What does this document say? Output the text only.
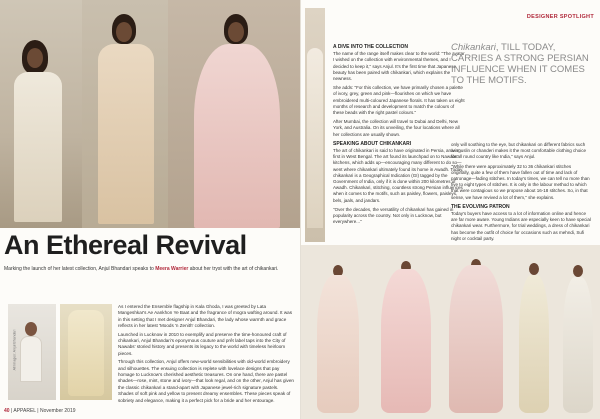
An Ethereal Revival
Marking the launch of her latest collection, Anjul Bhandari speaks to Meera Warrier about her tryst with the art of chikankari.
All Images: Anjul Bhandari

As I entered the Ensemble flagship in Kala Ghoda, I was greeted by Lata Mangeshkar's Ae Aankhon Ye Baat and the fragrance of mogra wafting around. It was in this setting that I met designer Anjul Bhandari, the lady whose warmth and grace reflects in her latest 'Moods 'n Zenith' collection.

Launched in Lucknow in 2010 to exemplify and preserve the time-honoured craft of chikankari, Anjul Bhandari's eponymous couture and prêt label taps into the City of Nawabs' storied history and presents its legacy to the world with timeless heirloom pieces.

Through this collection, Anjul offers new-world sensibilities with old-world embroidery and silhouettes. The ensuing collection is replete with lovelace designs that pay homage to Lucknow's cherished aesthetic treasures. On one hand, there are pastel shades—rose, mint, stone and ivory—that look regal, and on the other, Anjul has given the classic chikankari a stand-apart with Japanese jewel-rich signature pastels. Shades of soft pink and yellow to present dreamy ensembles. These pieces speak of sobriety and elegance, making it a perfect pick for a bride and her entourage.

40 | APPAREL | November 2019
DESIGNER SPOTLIGHT
A DIVE INTO THE COLLECTION

The name of the range itself makes clear to the world: "The avatar I wished on the collection with environmental themes, and I decided to keep it," says Anjul. It's the first time that Japanese beauty has been paired with chikankari, which explains the newness.

She adds: "For this collection, we have primarily chosen a palette of ivory, grey, green and pink—flourishes on which we have embroidered multi-coloured Japanese florals. It has taken us eight months of research and development to match the colours of these beads with the right pastel colours."

After Mumbai, the collection will travel to Dubai and Delhi, New York, and Australia. On its unveiling, the four locations where all her collections are usually shown.

SPEAKING ABOUT CHIKANKARI

The art of chikankari is said to have originated in Persia, arriving first in West Bengal. The art found its launchpad on to Nawabs' kitchens, which adds up—encouraging many different to do so—went where chikankari ultimately found its home in Awadh. Today, chikankari is a Geographical Indication (GI) tagged by the Government of India, only if it is done within 200 kilometres of Awadh. Chikankari, stitching, countless strong Persian influences when it comes to the motifs, such as paisley, flowers, paisleys, bels, jaals, and jandars.

"Over the decades, the versatility of chikankari has gained in popularity across the country. Not only in Lucknow, but everywhere..."

Chikankari, TILL TODAY, CARRIES A STRONG PERSIAN INFLUENCE WHEN IT COMES TO THE MOTIFS.

only will soothing to the eye, but chikankari on different fabrics such as muslin or chanderi makes it the most comfortable clothing choice for all round country like India," says Anjul.

"While there were approximately 32 to 36 chikankari stitches originally, quite a few of them have fallen out of time and lack of patronage—fading stitches. In today's times, we can tell no more than five to eight types of stitches. It is only in the labour method to which that were contagious so we propose about 16-18 stitches. So, in that sense, we have revived a lot of them," she explains.

THE EVOLVING PATRON

Today's buyers have access to a lot of information online and hence are far more aware. Young Indians are especially keen to have special chikankari wear. Furthermore, for trial weddings, a dress of chikankari has become the outfit of choice for occasions such as mehndi, Sufi night or cocktail party.
